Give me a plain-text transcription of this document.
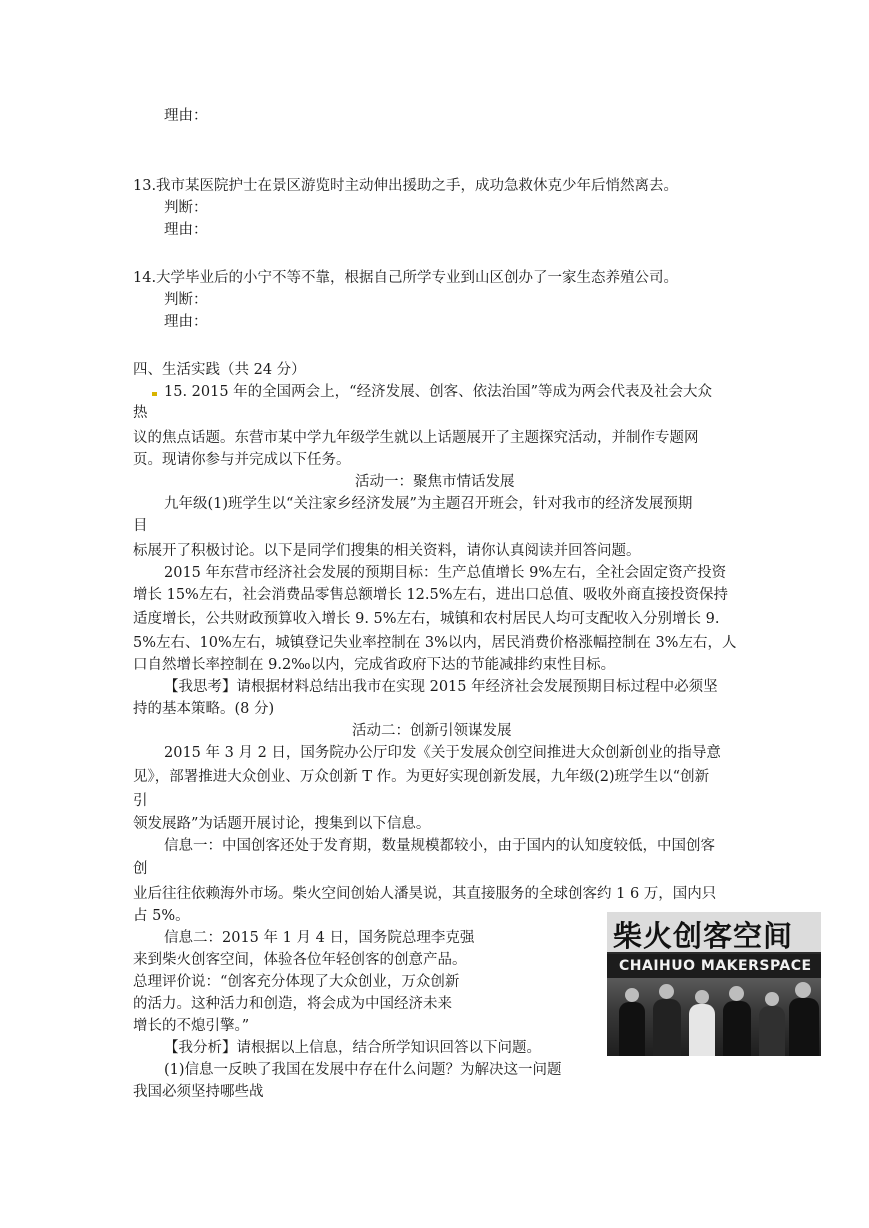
理由：
13.我市某医院护士在景区游览时主动伸出援助之手，成功急救休克少年后悄然离去。
判断：
理由：
14.大学毕业后的小宁不等不靠，根据自己所学专业到山区创办了一家生态养殖公司。
判断：
理由：
四、生活实践（共 24 分）
15. 2015 年的全国两会上，“经济发展、创客、依法治国”等成为两会代表及社会大众
热
议的焦点话题。东营市某中学九年级学生就以上话题展开了主题探究活动，并制作专题网
页。现请你参与并完成以下任务。
活动一：聚焦市情话发展
九年级(1)班学生以“关注家乡经济发展”为主题召开班会，针对我市的经济发展预期
目
标展开了积极讨论。以下是同学们搜集的相关资料，请你认真阅读并回答问题。
2015 年东营市经济社会发展的预期目标：生产总值增长 9%左右，全社会固定资产投资
增长 15%左右，社会消费品零售总额增长 12.5%左右，进出口总值、吸收外商直接投资保持
适度增长，公共财政预算收入增长 9. 5%左右，城镇和农村居民人均可支配收入分别增长 9.
5%左右、10%左右，城镇登记失业率控制在 3%以内，居民消费价格涨幅控制在 3%左右，人
口自然增长率控制在 9.2‰以内，完成省政府下达的节能减排约束性目标。
【我思考】请根据材料总结出我市在实现 2015 年经济社会发展预期目标过程中必须坚
持的基本策略。(8 分)
活动二：创新引领谋发展
2015 年 3 月 2 日，国务院办公厅印发《关于发展众创空间推进大众创新创业的指导意
见》，部署推进大众创业、万众创新 T 作。为更好实现创新发展，九年级(2)班学生以“创新
引
领发展路”为话题开展讨论，搜集到以下信息。
信息一：中国创客还处于发育期，数量规模都较小，由于国内的认知度较低，中国创客
创
业后往往依赖海外市场。柴火空间创始人潘昊说，其直接服务的全球创客约 1 6 万，国内只
占 5%。
信息二：2015 年 1 月 4 日，国务院总理李克强
来到柴火创客空间，体验各位年轻创客的创意产品。
总理评价说：“创客充分体现了大众创业，万众创新
的活力。这种活力和创造，将会成为中国经济未来
增长的不熄引擎。”
【我分析】请根据以上信息，结合所学知识回答以下问题。
(1)信息一反映了我国在发展中存在什么问题？为解决这一问题
我国必须坚持哪些战
柴火创客空间
CHAIHUO MAKERSPACE
